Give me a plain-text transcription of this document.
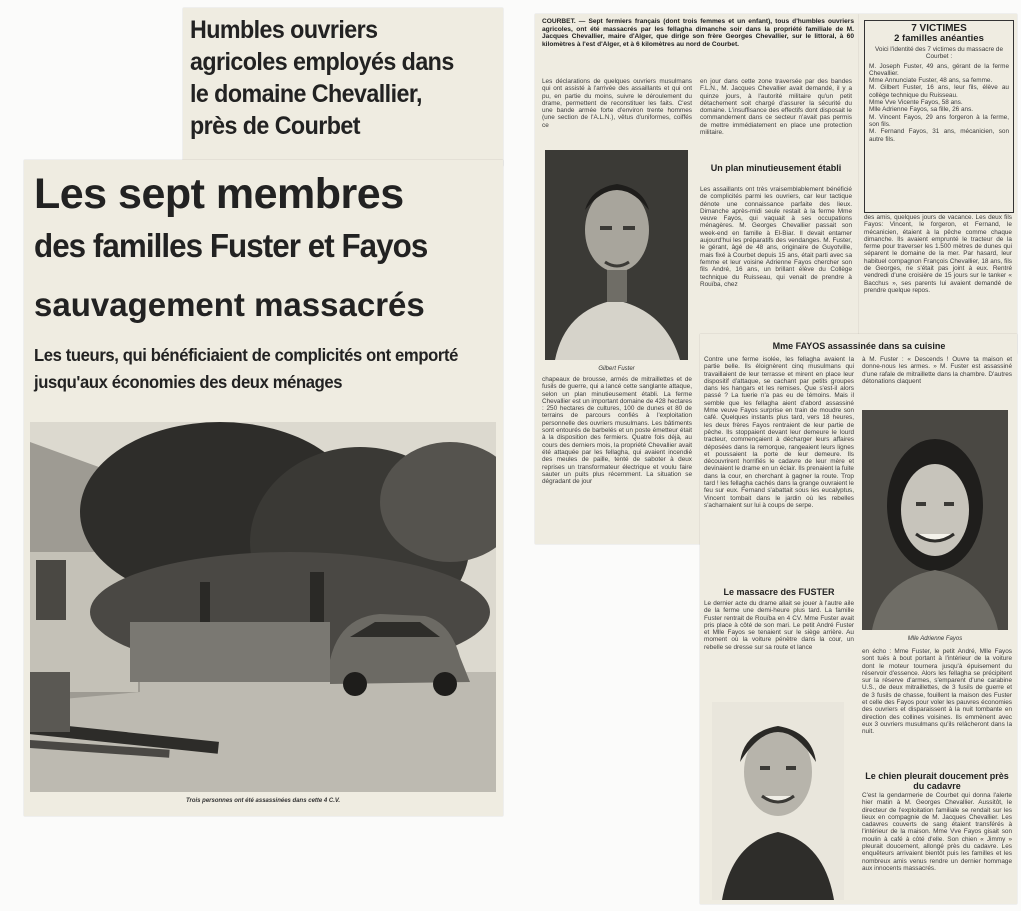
Humbles ouvriers agricoles employés dans le domaine Chevallier, près de Courbet
Les sept membres
des familles Fuster et Fayos
sauvagement massacrés
Les tueurs, qui bénéficiaient de complicités ont emporté jusqu'aux économies des deux ménages
Trois personnes ont été assassinées dans cette 4 C.V.

COURBET. — Sept fermiers français (dont trois femmes et un enfant), tous d'humbles ouvriers agricoles, ont été massacrés par les fellagha dimanche soir dans la propriété familiale de M. Jacques Chevallier, maire d'Alger, que dirige son frère Georges Chevallier, sur le littoral, à 60 kilomètres à l'est d'Alger, et à 6 kilomètres au nord de Courbet.

Les déclarations de quelques ouvriers musulmans qui ont assisté à l'arrivée des assaillants et qui ont pu, en partie du moins, suivre le déroulement du drame, permettent de reconstituer les faits. C'est une bande armée forte d'environ trente hommes (une section de l'A.L.N.), vêtus d'uniformes, coiffés ce

Gilbert Fuster

chapeaux de brousse, armés de mitraillettes et de fusils de guerre, qui a lancé cette sanglante attaque, selon un plan minutieusement établi. La ferme Chevallier est un important domaine de 428 hectares : 250 hectares de cultures, 100 de dunes et 80 de terrains de parcours confiés à l'exploitation personnelle des ouvriers musulmans. Les bâtiments sont entourés de barbelés et un poste émetteur était à la disposition des fermiers. Quatre fois déjà, au cours des derniers mois, la propriété Chevallier avait été attaquée par les fellagha, qui avaient incendié des meules de paille, tenté de saboter à deux reprises un transformateur électrique et voulu faire sauter un puits plus récemment. La situation se dégradant de jour

en jour dans cette zone traversée par des bandes F.L.N., M. Jacques Chevallier avait demandé, il y a quinze jours, à l'autorité militaire qu'un petit détachement soit chargé d'assurer la sécurité du domaine. L'insuffisance des effectifs dont disposait le commandement dans ce secteur n'avait pas permis de mettre immédiatement en place une protection militaire.

Un plan minutieusement établi

Les assaillants ont très vraisemblablement bénéficié de complicités parmi les ouvriers, car leur tactique dénote une connaissance parfaite des lieux. Dimanche après-midi seule restait à la ferme Mme veuve Fayos, qui vaquait à ses occupations ménagères. M. Georges Chevallier passait son week-end en famille à El-Biar. Il devait entamer aujourd'hui les préparatifs des vendanges. M. Fuster, le gérant, âgé de 48 ans, originaire de Guyotville, mais fixé à Courbet depuis 15 ans, était parti avec sa femme et leur voisine Adrienne Fayos chercher son fils André, 16 ans, un brillant élève du Collège technique du Ruisseau, qui venait de prendre à Rouïba, chez

7 VICTIMES
2 familles anéanties

Voici l'identité des 7 victimes du massacre de Courbet :

M. Joseph Fuster, 49 ans, gérant de la ferme Chevallier.

Mme Annunciate Fuster, 48 ans, sa femme.

M. Gilbert Fuster, 16 ans, leur fils, élève au collège technique du Ruisseau.

Mme Vve Vicente Fayos, 58 ans.

Mlle Adrienne Fayos, sa fille, 26 ans.

M. Vincent Fayos, 29 ans forgeron à la ferme, son fils.

M. Fernand Fayos, 31 ans, mécanicien, son autre fils.

des amis, quelques jours de vacance. Les deux fils Fayos: Vincent, le forgeron, et Fernand, le mécanicien, étaient à la pêche comme chaque dimanche. Ils avaient emprunté le tracteur de la ferme pour traverser les 1.500 mètres de dunes qui séparent le domaine de la mer. Par hasard, leur habituel compagnon François Chevallier, 18 ans, fils de Georges, ne s'était pas joint à eux. Rentré vendredi d'une croisière de 15 jours sur le tanker « Bacchus », ses parents lui avaient demandé de prendre quelque repos.

Mme FAYOS assassinée dans sa cuisine

Contre une ferme isolée, les fellagha avaient la partie belle. Ils éloignèrent cinq musulmans qui travaillaient de leur terrasse et mirent en place leur dispositif d'attaque, se cachant par petits groupes dans les hangars et les remises. Que s'est-il alors passé ? La tuerie n'a pas eu de témoins. Mais il semble que les fellagha aient d'abord assassiné Mme veuve Fayos surprise en train de moudre son café. Quelques instants plus tard, vers 18 heures, les deux frères Fayos rentraient de leur partie de pêche. Ils stoppaient devant leur demeure le lourd tracteur, commençaient à décharger leurs affaires déposées dans la remorque, rangeaient leurs lignes et poussaient la porte de leur demeure. Ils découvrirent horrifiés le cadavre de leur mère et devinaient le drame en un éclair. Ils prenaient la fuite dans la cour, en cherchant à gagner la route. Trop tard ! les fellagha cachés dans la grange ouvraient le feu sur eux. Fernand s'abattait sous les eucalyptus, Vincent tombait dans le jardin où les rebelles s'acharnaient sur lui à coups de serpe.

Le massacre des FUSTER

Le dernier acte du drame allait se jouer à l'autre aile de la ferme une demi-heure plus tard. La famille Fuster rentrait de Rouïba en 4 CV. Mme Fuster avait pris place à côté de son mari. Le petit André Fuster et Mlle Fayos se tenaient sur le siège arrière. Au moment où la voiture pénètre dans la cour, un rebelle se dresse sur sa route et lance

à M. Fuster : « Descends ! Ouvre ta maison et donne-nous les armes. » M. Fuster est assassiné d'une rafale de mitraillette dans la chambre. D'autres détonations claquent

Mlle Adrienne Fayos

en écho : Mme Fuster, le petit André, Mlle Fayos sont tués à bout portant à l'intérieur de la voiture dont le moteur tournera jusqu'à épuisement du réservoir d'essence. Alors les fellagha se précipitent sur la réserve d'armes, s'emparent d'une carabine U.S., de deux mitraillettes, de 3 fusils de guerre et de 3 fusils de chasse, fouillent la maison des Fuster et celle des Fayos pour voler les pauvres économies des ouvriers et disparaissent à la nuit tombante en direction des collines voisines. Ils emmènent avec eux 3 ouvriers musulmans qu'ils relâcheront dans la nuit.

Le chien pleurait doucement près du cadavre

C'est la gendarmerie de Courbet qui donna l'alerte hier matin à M. Georges Chevallier. Aussitôt, le directeur de l'exploitation familiale se rendait sur les lieux en compagnie de M. Jacques Chevallier. Les cadavres couverts de sang étaient transférés à l'intérieur de la maison. Mme Vve Fayos gisait son moulin à café à côté d'elle. Son chien « Jimmy » pleurait doucement, allongé près du cadavre. Les enquêteurs arrivaient bientôt puis les familles et les nombreux amis venus rendre un dernier hommage aux innocents massacrés.
